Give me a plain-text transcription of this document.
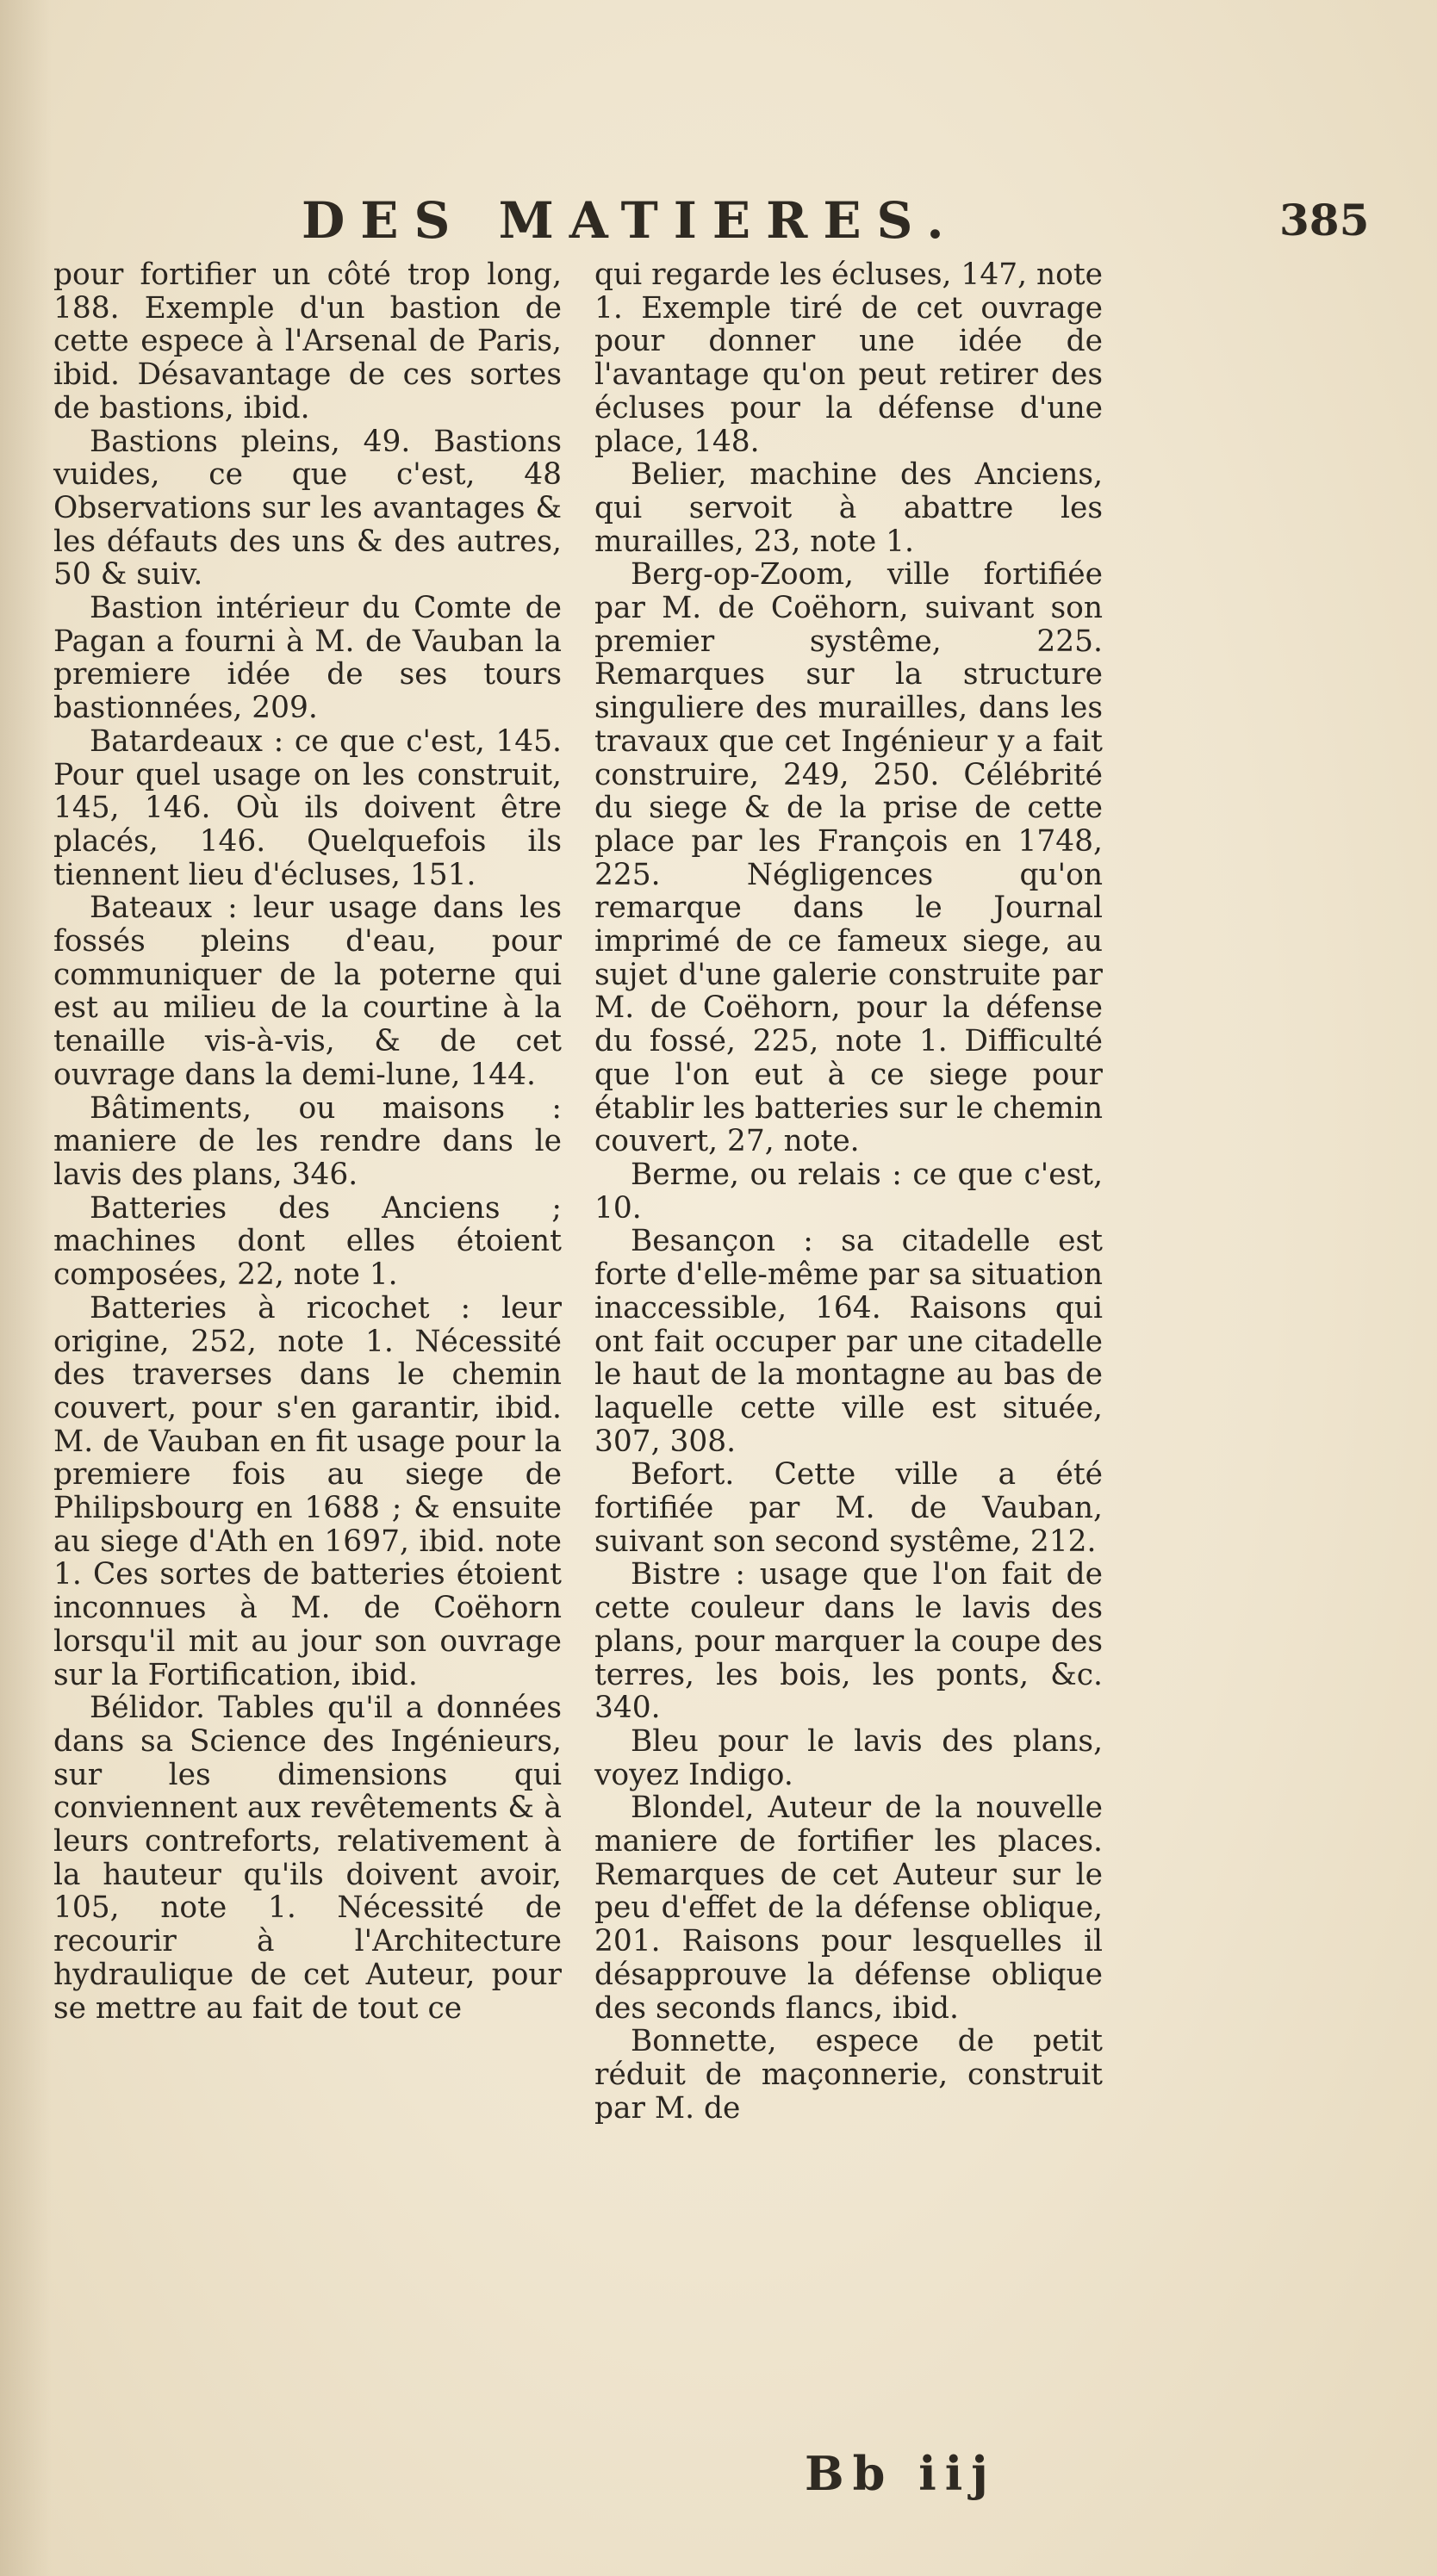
DES MATIERES.	385

pour fortifier un côté trop long, 188. Exemple d'un bastion de cette espece à l'Arsenal de Paris, ibid. Désavantage de ces sortes de bastions, ibid.

Bastions pleins, 49. Bastions vuides, ce que c'est, 48 Observations sur les avantages & les défauts des uns & des autres, 50 & suiv.

Bastion intérieur du Comte de Pagan a fourni à M. de Vauban la premiere idée de ses tours bastionnées, 209.

Batardeaux : ce que c'est, 145. Pour quel usage on les construit, 145, 146. Où ils doivent être placés, 146. Quelquefois ils tiennent lieu d'écluses, 151.

Bateaux : leur usage dans les fossés pleins d'eau, pour communiquer de la poterne qui est au milieu de la courtine à la tenaille vis-à-vis, & de cet ouvrage dans la demi-lune, 144.

Bâtiments, ou maisons : maniere de les rendre dans le lavis des plans, 346.

Batteries des Anciens ; machines dont elles étoient composées, 22, note 1.

Batteries à ricochet : leur origine, 252, note 1. Nécessité des traverses dans le chemin couvert, pour s'en garantir, ibid. M. de Vauban en fit usage pour la premiere fois au siege de Philipsbourg en 1688 ; & ensuite au siege d'Ath en 1697, ibid. note 1. Ces sortes de batteries étoient inconnues à M. de Coëhorn lorsqu'il mit au jour son ouvrage sur la Fortification, ibid.

Bélidor. Tables qu'il a données dans sa Science des Ingénieurs, sur les dimensions qui conviennent aux revêtements & à leurs contreforts, relativement à la hauteur qu'ils doivent avoir, 105, note 1. Nécessité de recourir à l'Architecture hydraulique de cet Auteur, pour se mettre au fait de tout ce

qui regarde les écluses, 147, note 1. Exemple tiré de cet ouvrage pour donner une idée de l'avantage qu'on peut retirer des écluses pour la défense d'une place, 148.

Belier, machine des Anciens, qui servoit à abattre les murailles, 23, note 1.

Berg-op-Zoom, ville fortifiée par M. de Coëhorn, suivant son premier systême, 225. Remarques sur la structure singuliere des murailles, dans les travaux que cet Ingénieur y a fait construire, 249, 250. Célébrité du siege & de la prise de cette place par les François en 1748, 225. Négligences qu'on remarque dans le Journal imprimé de ce fameux siege, au sujet d'une galerie construite par M. de Coëhorn, pour la défense du fossé, 225, note 1. Difficulté que l'on eut à ce siege pour établir les batteries sur le chemin couvert, 27, note.

Berme, ou relais : ce que c'est, 10.

Besançon : sa citadelle est forte d'elle-même par sa situation inaccessible, 164. Raisons qui ont fait occuper par une citadelle le haut de la montagne au bas de laquelle cette ville est située, 307, 308.

Befort. Cette ville a été fortifiée par M. de Vauban, suivant son second systême, 212.

Bistre : usage que l'on fait de cette couleur dans le lavis des plans, pour marquer la coupe des terres, les bois, les ponts, &c. 340.

Bleu pour le lavis des plans, voyez Indigo.

Blondel, Auteur de la nouvelle maniere de fortifier les places. Remarques de cet Auteur sur le peu d'effet de la défense oblique, 201. Raisons pour lesquelles il désapprouve la défense oblique des seconds flancs, ibid.

Bonnette, espece de petit réduit de maçonnerie, construit par M. de

Bb iij
